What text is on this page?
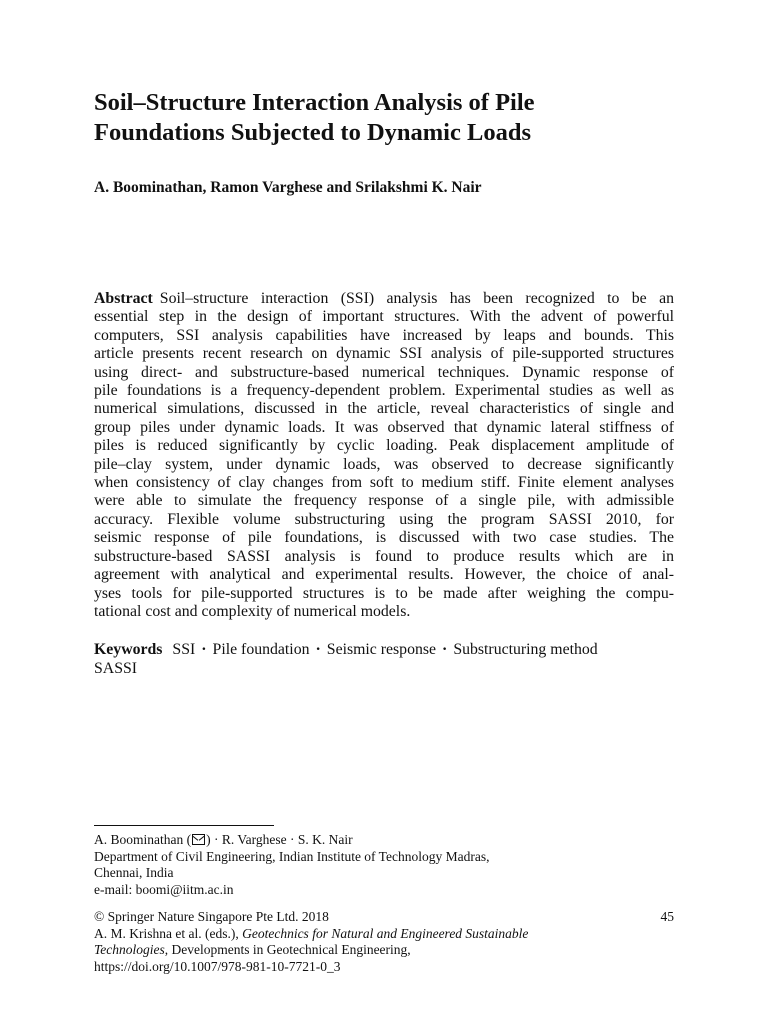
Soil–Structure Interaction Analysis of Pile
Foundations Subjected to Dynamic Loads
A. Boominathan, Ramon Varghese and Srilakshmi K. Nair
Abstract Soil–structure interaction (SSI) analysis has been recognized to be an
essential step in the design of important structures. With the advent of powerful
computers, SSI analysis capabilities have increased by leaps and bounds. This
article presents recent research on dynamic SSI analysis of pile-supported structures
using direct- and substructure-based numerical techniques. Dynamic response of
pile foundations is a frequency-dependent problem. Experimental studies as well as
numerical simulations, discussed in the article, reveal characteristics of single and
group piles under dynamic loads. It was observed that dynamic lateral stiffness of
piles is reduced significantly by cyclic loading. Peak displacement amplitude of
pile–clay system, under dynamic loads, was observed to decrease significantly
when consistency of clay changes from soft to medium stiff. Finite element analyses
were able to simulate the frequency response of a single pile, with admissible
accuracy. Flexible volume substructuring using the program SASSI 2010, for
seismic response of pile foundations, is discussed with two case studies. The
substructure-based SASSI analysis is found to produce results which are in
agreement with analytical and experimental results. However, the choice of anal-
yses tools for pile-supported structures is to be made after weighing the compu-
tational cost and complexity of numerical models.
Keywords SSI · Pile foundation · Seismic response · Substructuring method
SASSI
A. Boominathan ( ) · R. Varghese · S. K. Nair
Department of Civil Engineering, Indian Institute of Technology Madras,
Chennai, India
e-mail: boomi@iitm.ac.in
© Springer Nature Singapore Pte Ltd. 2018
A. M. Krishna et al. (eds.), Geotechnics for Natural and Engineered Sustainable
Technologies, Developments in Geotechnical Engineering,
https://doi.org/10.1007/978-981-10-7721-0_3
45
